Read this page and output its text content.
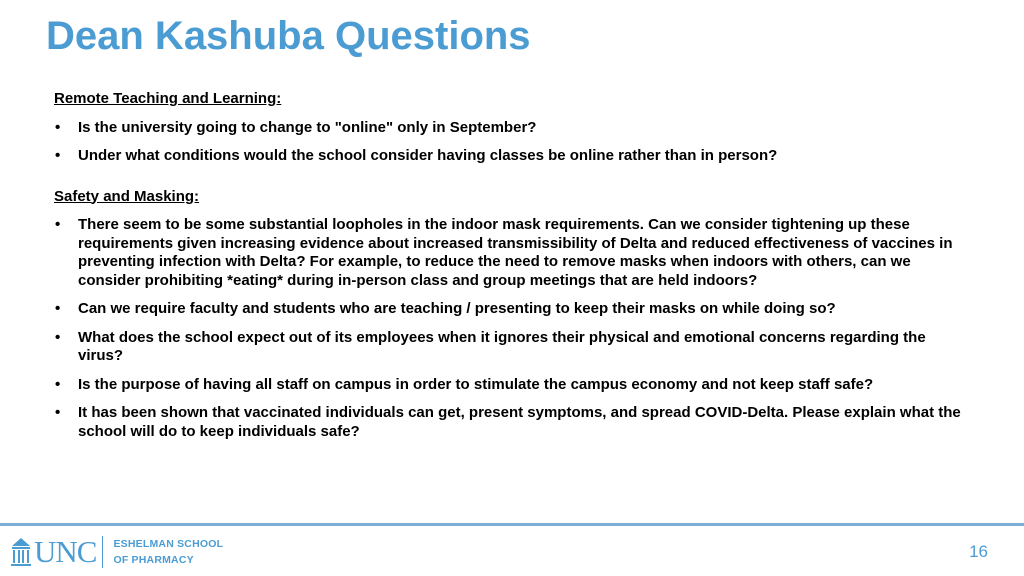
Dean Kashuba Questions
Remote Teaching and Learning:
• Is the university going to change to "online" only in September?
• Under what conditions would the school consider having classes be online rather than in person?
Safety and Masking:
• There seem to be some substantial loopholes in the indoor mask requirements. Can we consider tightening up these requirements given increasing evidence about increased transmissibility of Delta and reduced effectiveness of vaccines in preventing infection with Delta? For example, to reduce the need to remove masks when indoors with others, can we consider prohibiting *eating* during in-person class and group meetings that are held indoors?
• Can we require faculty and students who are teaching / presenting to keep their masks on while doing so?
• What does the school expect out of its employees when it ignores their physical and emotional concerns regarding the virus?
• Is the purpose of having all staff on campus in order to stimulate the campus economy and not keep staff safe?
• It has been shown that vaccinated individuals can get, present symptoms, and spread COVID-Delta. Please explain what the school will do to keep individuals safe?
UNC ESHELMAN SCHOOL
OF PHARMACY	16
